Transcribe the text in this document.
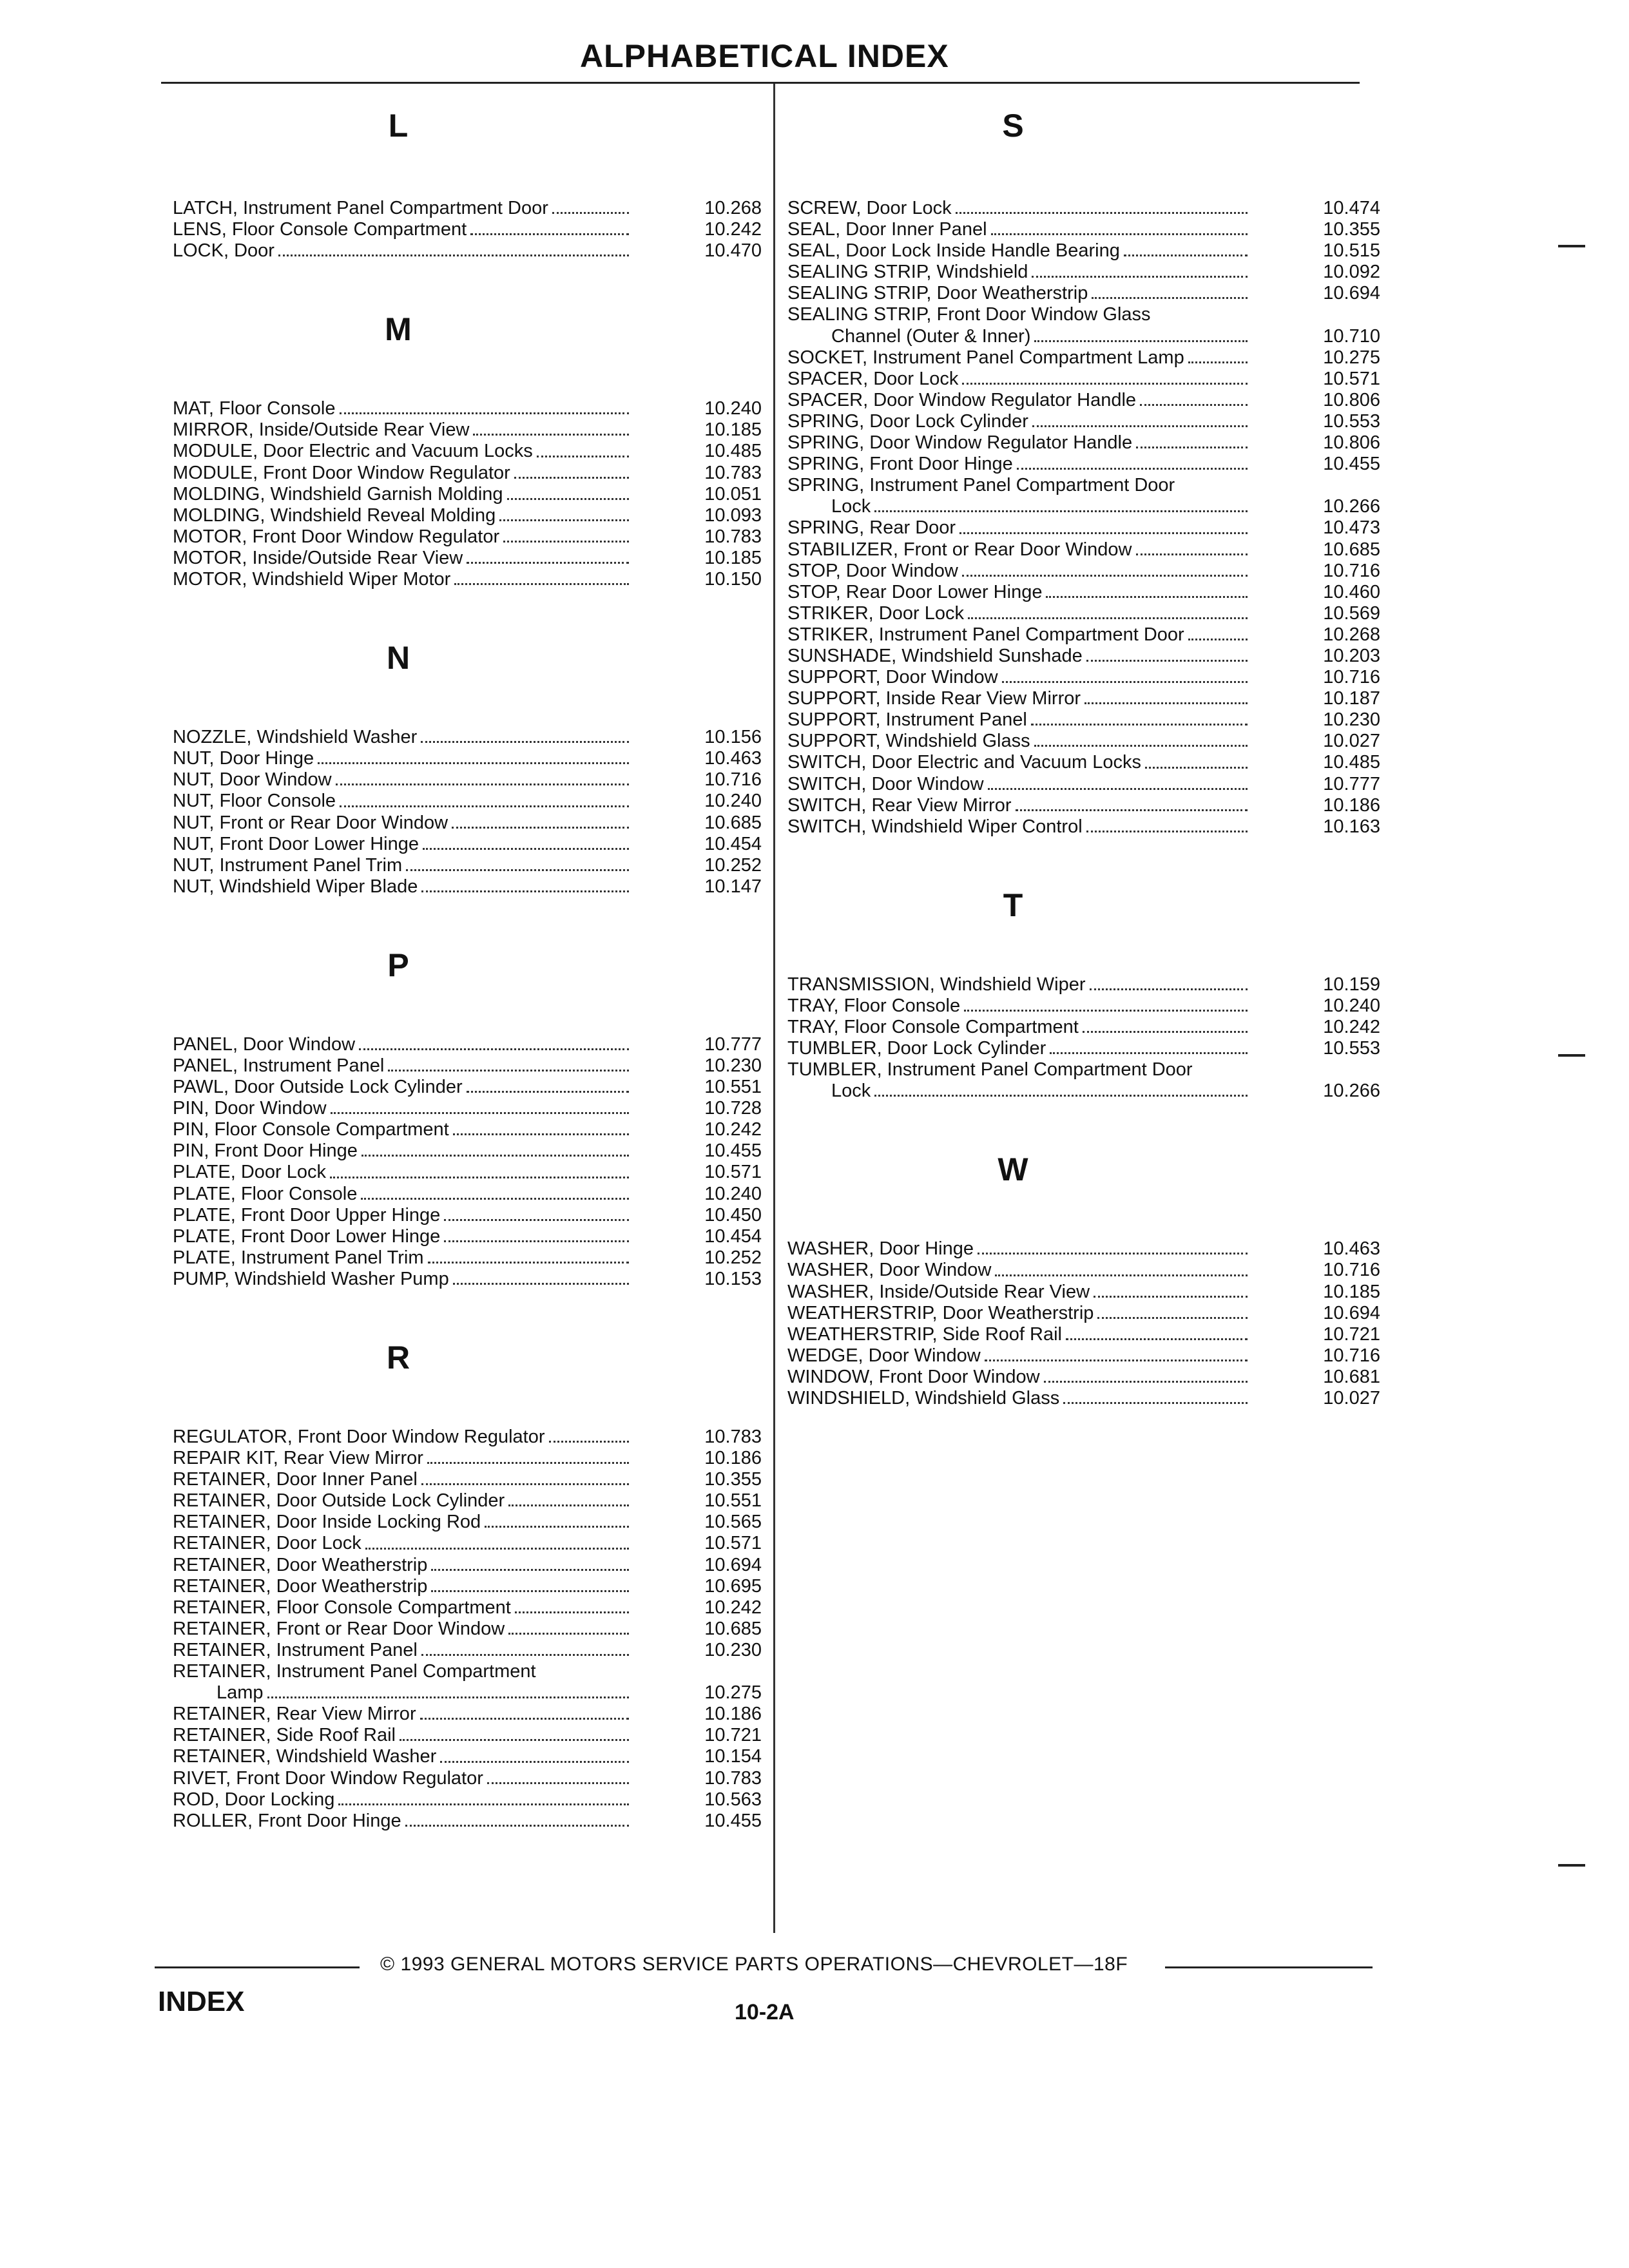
ALPHABETICAL INDEX
L
LATCH, Instrument Panel Compartment Door	10.268
LENS, Floor Console Compartment	10.242
LOCK, Door	10.470
M
MAT, Floor Console	10.240
MIRROR, Inside/Outside Rear View	10.185
MODULE, Door Electric and Vacuum Locks	10.485
MODULE, Front Door Window Regulator	10.783
MOLDING, Windshield Garnish Molding	10.051
MOLDING, Windshield Reveal Molding	10.093
MOTOR, Front Door Window Regulator	10.783
MOTOR, Inside/Outside Rear View	10.185
MOTOR, Windshield Wiper Motor	10.150
N
NOZZLE, Windshield Washer	10.156
NUT, Door Hinge	10.463
NUT, Door Window	10.716
NUT, Floor Console	10.240
NUT, Front or Rear Door Window	10.685
NUT, Front Door Lower Hinge	10.454
NUT, Instrument Panel Trim	10.252
NUT, Windshield Wiper Blade	10.147
P
PANEL, Door Window	10.777
PANEL, Instrument Panel	10.230
PAWL, Door Outside Lock Cylinder	10.551
PIN, Door Window	10.728
PIN, Floor Console Compartment	10.242
PIN, Front Door Hinge	10.455
PLATE, Door Lock	10.571
PLATE, Floor Console	10.240
PLATE, Front Door Upper Hinge	10.450
PLATE, Front Door Lower Hinge	10.454
PLATE, Instrument Panel Trim	10.252
PUMP, Windshield Washer Pump	10.153
R
REGULATOR, Front Door Window Regulator	10.783
REPAIR KIT, Rear View Mirror	10.186
RETAINER, Door Inner Panel	10.355
RETAINER, Door Outside Lock Cylinder	10.551
RETAINER, Door Inside Locking Rod	10.565
RETAINER, Door Lock	10.571
RETAINER, Door Weatherstrip	10.694
RETAINER, Door Weatherstrip	10.695
RETAINER, Floor Console Compartment	10.242
RETAINER, Front or Rear Door Window	10.685
RETAINER, Instrument Panel	10.230
RETAINER, Instrument Panel Compartment
Lamp	10.275
RETAINER, Rear View Mirror	10.186
RETAINER, Side Roof Rail	10.721
RETAINER, Windshield Washer	10.154
RIVET, Front Door Window Regulator	10.783
ROD, Door Locking	10.563
ROLLER, Front Door Hinge	10.455
S
SCREW, Door Lock	10.474
SEAL, Door Inner Panel	10.355
SEAL, Door Lock Inside Handle Bearing	10.515
SEALING STRIP, Windshield	10.092
SEALING STRIP, Door Weatherstrip	10.694
SEALING STRIP, Front Door Window Glass
Channel (Outer & Inner)	10.710
SOCKET, Instrument Panel Compartment Lamp	10.275
SPACER, Door Lock	10.571
SPACER, Door Window Regulator Handle	10.806
SPRING, Door Lock Cylinder	10.553
SPRING, Door Window Regulator Handle	10.806
SPRING, Front Door Hinge	10.455
SPRING, Instrument Panel Compartment Door
Lock	10.266
SPRING, Rear Door	10.473
STABILIZER, Front or Rear Door Window	10.685
STOP, Door Window	10.716
STOP, Rear Door Lower Hinge	10.460
STRIKER, Door Lock	10.569
STRIKER, Instrument Panel Compartment Door	10.268
SUNSHADE, Windshield Sunshade	10.203
SUPPORT, Door Window	10.716
SUPPORT, Inside Rear View Mirror	10.187
SUPPORT, Instrument Panel	10.230
SUPPORT, Windshield Glass	10.027
SWITCH, Door Electric and Vacuum Locks	10.485
SWITCH, Door Window	10.777
SWITCH, Rear View Mirror	10.186
SWITCH, Windshield Wiper Control	10.163
T
TRANSMISSION, Windshield Wiper	10.159
TRAY, Floor Console	10.240
TRAY, Floor Console Compartment	10.242
TUMBLER, Door Lock Cylinder	10.553
TUMBLER, Instrument Panel Compartment Door
Lock	10.266
W
WASHER, Door Hinge	10.463
WASHER, Door Window	10.716
WASHER, Inside/Outside Rear View	10.185
WEATHERSTRIP, Door Weatherstrip	10.694
WEATHERSTRIP, Side Roof Rail	10.721
WEDGE, Door Window	10.716
WINDOW, Front Door Window	10.681
WINDSHIELD, Windshield Glass	10.027
© 1993 GENERAL MOTORS SERVICE PARTS OPERATIONS—CHEVROLET—18F
INDEX	10-2A
